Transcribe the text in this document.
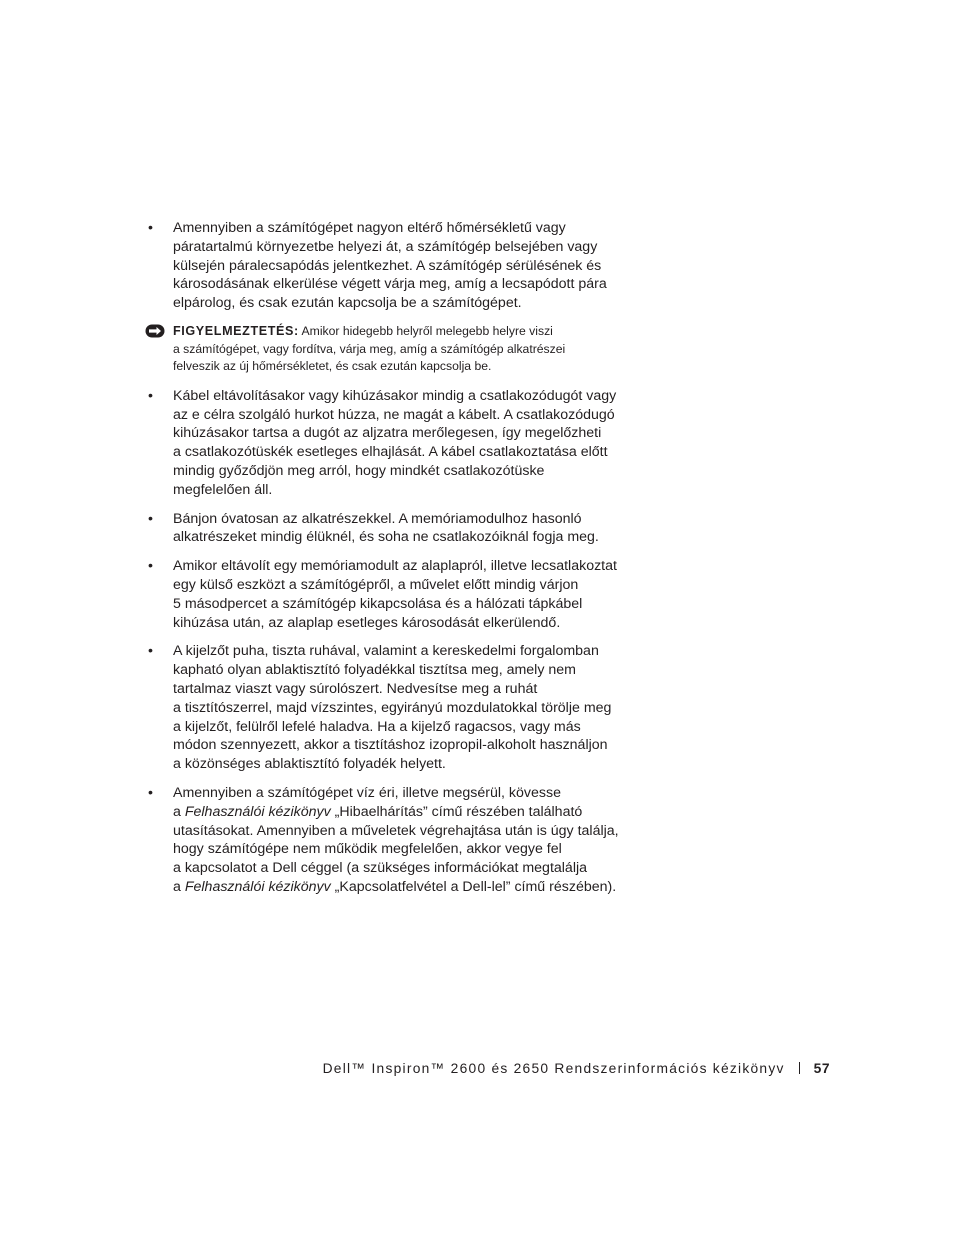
• Amennyiben a számítógépet nagyon eltérő hőmérsékletű vagy
páratartalmú környezetbe helyezi át, a számítógép belsejében vagy
külsején páralecsapódás jelentkezhet. A számítógép sérülésének és
károsodásának elkerülése végett várja meg, amíg a lecsapódott pára
elpárolog, és csak ezután kapcsolja be a számítógépet.
FIGYELMEZTETÉS: Amikor hidegebb helyről melegebb helyre viszi
a számítógépet, vagy fordítva, várja meg, amíg a számítógép alkatrészei
felveszik az új hőmérsékletet, és csak ezután kapcsolja be.
• Kábel eltávolításakor vagy kihúzásakor mindig a csatlakozódugót vagy
az e célra szolgáló hurkot húzza, ne magát a kábelt. A csatlakozódugó
kihúzásakor tartsa a dugót az aljzatra merőlegesen, így megelőzheti
a csatlakozótüskék esetleges elhajlását. A kábel csatlakoztatása előtt
mindig győződjön meg arról, hogy mindkét csatlakozótüske
megfelelően áll.
• Bánjon óvatosan az alkatrészekkel. A memóriamodulhoz hasonló
alkatrészeket mindig élüknél, és soha ne csatlakozóiknál fogja meg.
• Amikor eltávolít egy memóriamodult az alaplapról, illetve lecsatlakoztat
egy külső eszközt a számítógépről, a művelet előtt mindig várjon
5 másodpercet a számítógép kikapcsolása és a hálózati tápkábel
kihúzása után, az alaplap esetleges károsodását elkerülendő.
• A kijelzőt puha, tiszta ruhával, valamint a kereskedelmi forgalomban
kapható olyan ablaktisztító folyadékkal tisztítsa meg, amely nem
tartalmaz viaszt vagy súrolószert. Nedvesítse meg a ruhát
a tisztítószerrel, majd vízszintes, egyirányú mozdulatokkal törölje meg
a kijelzőt, felülről lefelé haladva. Ha a kijelző ragacsos, vagy más
módon szennyezett, akkor a tisztításhoz izopropil-alkoholt használjon
a közönséges ablaktisztító folyadék helyett.
• Amennyiben a számítógépet víz éri, illetve megsérül, kövesse
a Felhasználói kézikönyv „Hibaelhárítás” című részében található
utasításokat. Amennyiben a műveletek végrehajtása után is úgy találja,
hogy számítógépe nem működik megfelelően, akkor vegye fel
a kapcsolatot a Dell céggel (a szükséges információkat megtalálja
a Felhasználói kézikönyv „Kapcsolatfelvétel a Dell-lel” című részében).
Dell™ Inspiron™ 2600 és 2650 Rendszerinformációs kézikönyv 57
